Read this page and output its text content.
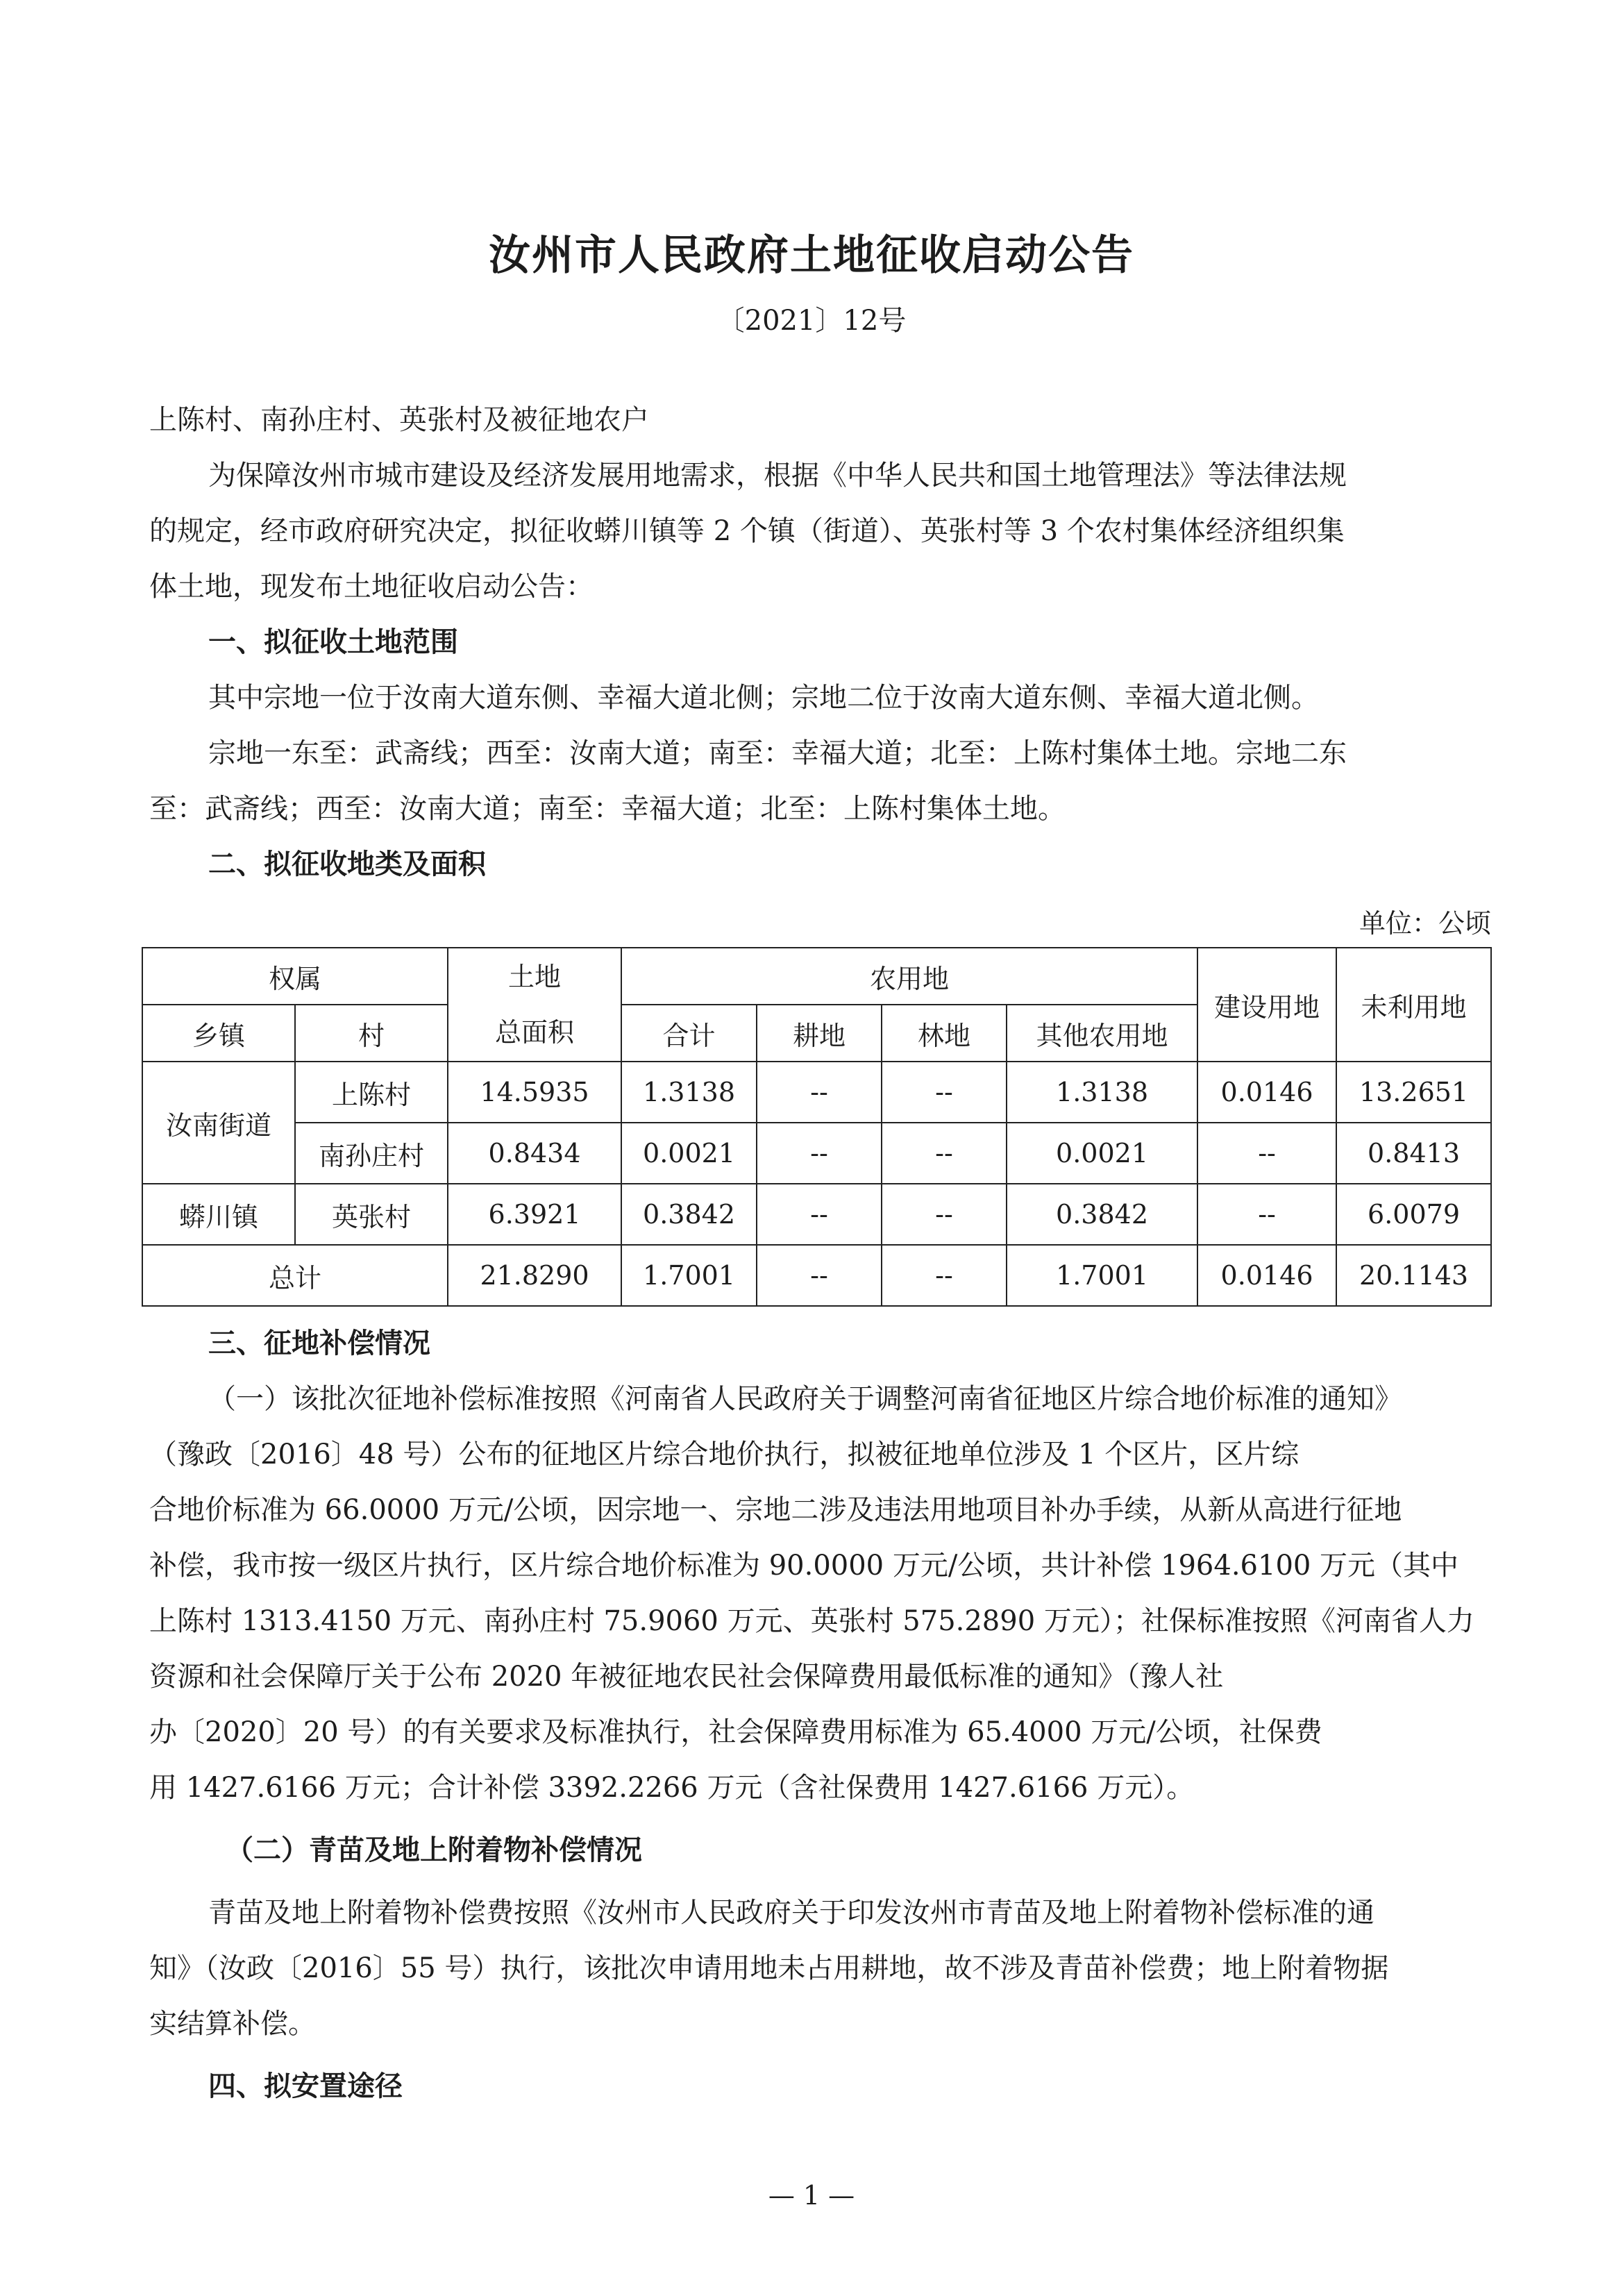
汝州市人民政府土地征收启动公告
〔2021〕12号

上陈村、南孙庄村、英张村及被征地农户

为保障汝州市城市建设及经济发展用地需求，根据《中华人民共和国土地管理法》等法律法规

的规定，经市政府研究决定，拟征收蟒川镇等 2 个镇（街道）、英张村等 3 个农村集体经济组织集

体土地，现发布土地征收启动公告：

一、拟征收土地范围

其中宗地一位于汝南大道东侧、幸福大道北侧；宗地二位于汝南大道东侧、幸福大道北侧。

宗地一东至：武斋线；西至：汝南大道；南至：幸福大道；北至：上陈村集体土地。宗地二东

至：武斋线；西至：汝南大道；南至：幸福大道；北至：上陈村集体土地。

二、拟征收地类及面积
单位：公顷
权属		土地
总面积	农用地				建设用地	未利用地
乡镇	村		合计	耕地	林地	其他农用地		
汝南街道	上陈村	14.5935	1.3138	--	--	1.3138	0.0146	13.2651
	南孙庄村	0.8434	0.0021	--	--	0.0021	--	0.8413
蟒川镇	英张村	6.3921	0.3842	--	--	0.3842	--	6.0079
总计		21.8290	1.7001	--	--	1.7001	0.0146	20.1143
三、征地补偿情况

（一）该批次征地补偿标准按照《河南省人民政府关于调整河南省征地区片综合地价标准的通知》

（豫政〔2016〕48 号）公布的征地区片综合地价执行，拟被征地单位涉及 1 个区片，区片综

合地价标准为 66.0000 万元/公顷，因宗地一、宗地二涉及违法用地项目补办手续，从新从高进行征地

补偿，我市按一级区片执行，区片综合地价标准为 90.0000 万元/公顷，共计补偿 1964.6100 万元（其中

上陈村 1313.4150 万元、南孙庄村 75.9060 万元、英张村 575.2890 万元）；社保标准按照《河南省人力

资源和社会保障厅关于公布 2020 年被征地农民社会保障费用最低标准的通知》（豫人社

办〔2020〕20 号）的有关要求及标准执行，社会保障费用标准为 65.4000 万元/公顷，社保费

用 1427.6166 万元；合计补偿 3392.2266 万元（含社保费用 1427.6166 万元）。

（二）青苗及地上附着物补偿情况

青苗及地上附着物补偿费按照《汝州市人民政府关于印发汝州市青苗及地上附着物补偿标准的通

知》（汝政〔2016〕55 号）执行，该批次申请用地未占用耕地，故不涉及青苗补偿费；地上附着物据

实结算补偿。

四、拟安置途径
— 1 —
